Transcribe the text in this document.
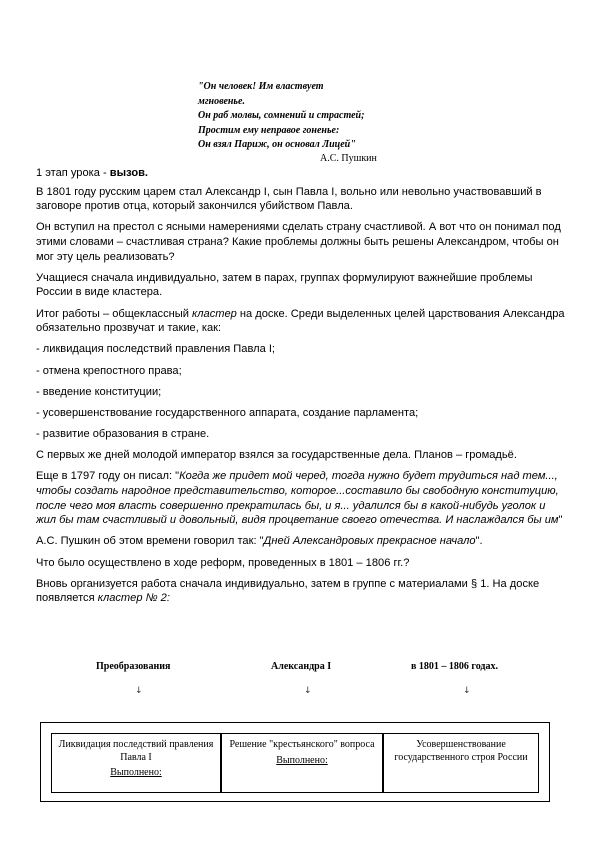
"Он человек! Им властвует
мгновенье.
Он раб молвы, сомнений и страстей;
Простим ему неправое гоненье:
Он взял Париж, он основал Лицей"
А.С. Пушкин

1 этап урока - вызов.

В 1801 году русским царем стал Александр I, сын Павла I, вольно или невольно участвовавший в заговоре против отца, который закончился убийством Павла.

Он вступил на престол с ясными намерениями сделать страну счастливой. А вот что он понимал под этими словами – счастливая страна? Какие проблемы должны быть решены Александром, чтобы он мог эту цель реализовать?

Учащиеся сначала индивидуально, затем в парах, группах формулируют важнейшие проблемы России в виде кластера.

Итог работы – общеклассный кластер на доске. Среди выделенных целей царствования Александра обязательно прозвучат и такие, как:

- ликвидация последствий правления Павла I;

- отмена крепостного права;

- введение конституции;

- усовершенствование государственного аппарата, создание парламента;

- развитие образования в стране.

С первых же дней молодой император взялся за государственные дела. Планов – громадьё.

Еще в 1797 году он писал: "Когда же придет мой черед, тогда нужно будет трудиться над тем..., чтобы создать народное представительство, которое...составило бы свободную конституцию, после чего моя власть совершенно прекратилась бы, и я... удалился бы в какой-нибудь уголок и жил бы там счастливый и довольный, видя процветание своего отечества. И наслаждался бы им"

А.С. Пушкин об этом времени говорил так: "Дней Александровых прекрасное начало".

Что было осуществлено в ходе реформ, проведенных в 1801 – 1806 гг.?

Вновь организуется работа сначала индивидуально, затем в группе с материалами § 1. На доске появляется кластер № 2:

Преобразования	Александра I	в 1801 – 1806 годах.
↓	↓	↓
Ликвидация последствий правления Павла I
Выполнено:
Решение "крестьянского" вопроса
Выполнено:
Усовершенствование государственного строя России
